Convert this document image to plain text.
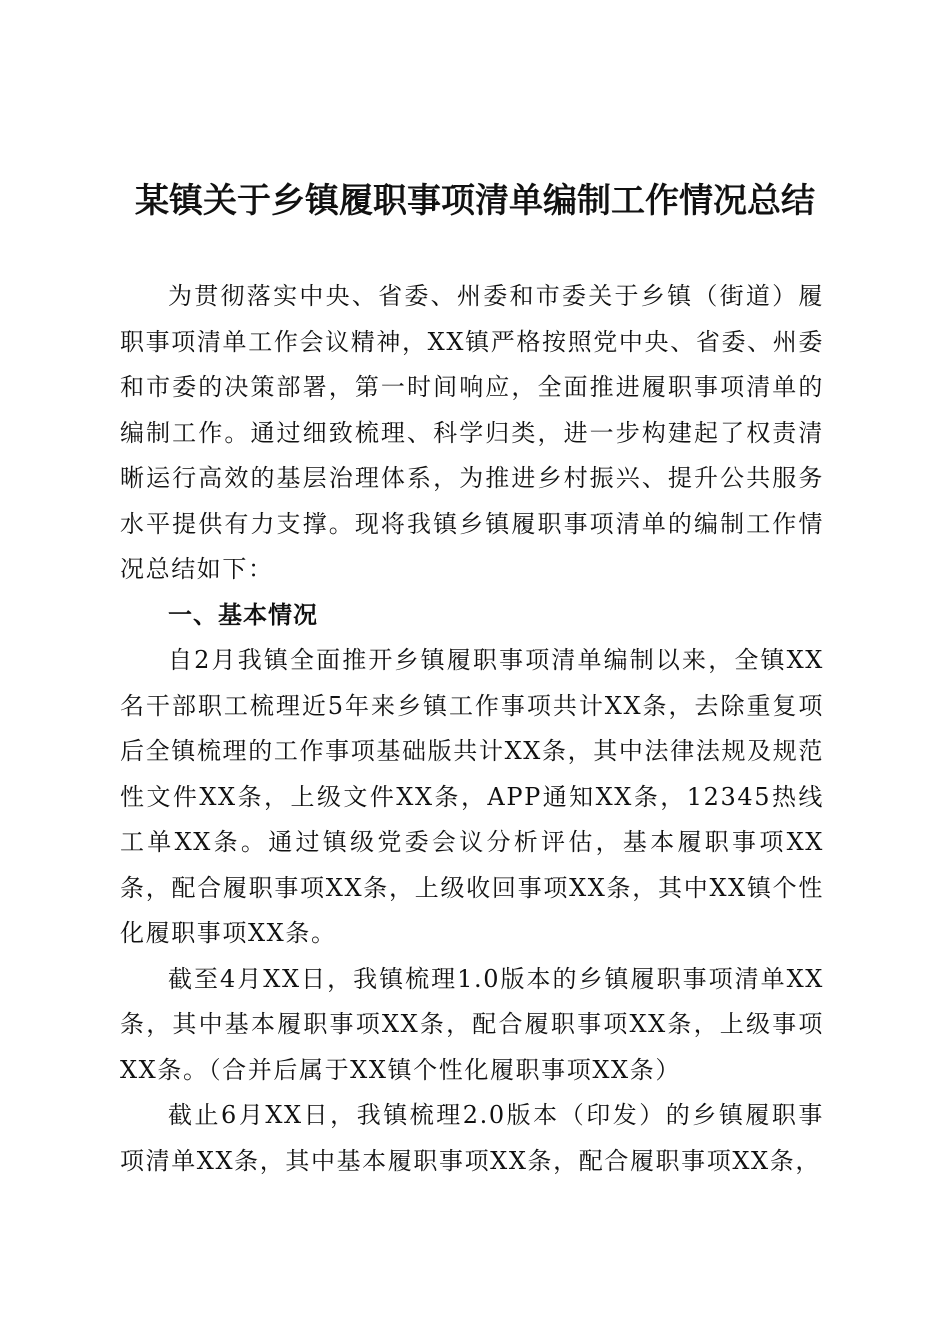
某镇关于乡镇履职事项清单编制工作情况总结

为贯彻落实中央、省委、州委和市委关于乡镇（街道）履职事项清单工作会议精神，XX镇严格按照党中央、省委、州委和市委的决策部署，第一时间响应，全面推进履职事项清单的编制工作。通过细致梳理、科学归类，进一步构建起了权责清晰运行高效的基层治理体系，为推进乡村振兴、提升公共服务水平提供有力支撑。现将我镇乡镇履职事项清单的编制工作情况总结如下：

一、基本情况

自2月我镇全面推开乡镇履职事项清单编制以来，全镇XX名干部职工梳理近5年来乡镇工作事项共计XX条，去除重复项后全镇梳理的工作事项基础版共计XX条，其中法律法规及规范性文件XX条，上级文件XX条，APP通知XX条，12345热线工单XX条。通过镇级党委会议分析评估，基本履职事项XX条，配合履职事项XX条，上级收回事项XX条，其中XX镇个性化履职事项XX条。

截至4月XX日，我镇梳理1.0版本的乡镇履职事项清单XX条，其中基本履职事项XX条，配合履职事项XX条，上级事项XX条。（合并后属于XX镇个性化履职事项XX条）

截止6月XX日，我镇梳理2.0版本（印发）的乡镇履职事项清单XX条，其中基本履职事项XX条，配合履职事项XX条，
